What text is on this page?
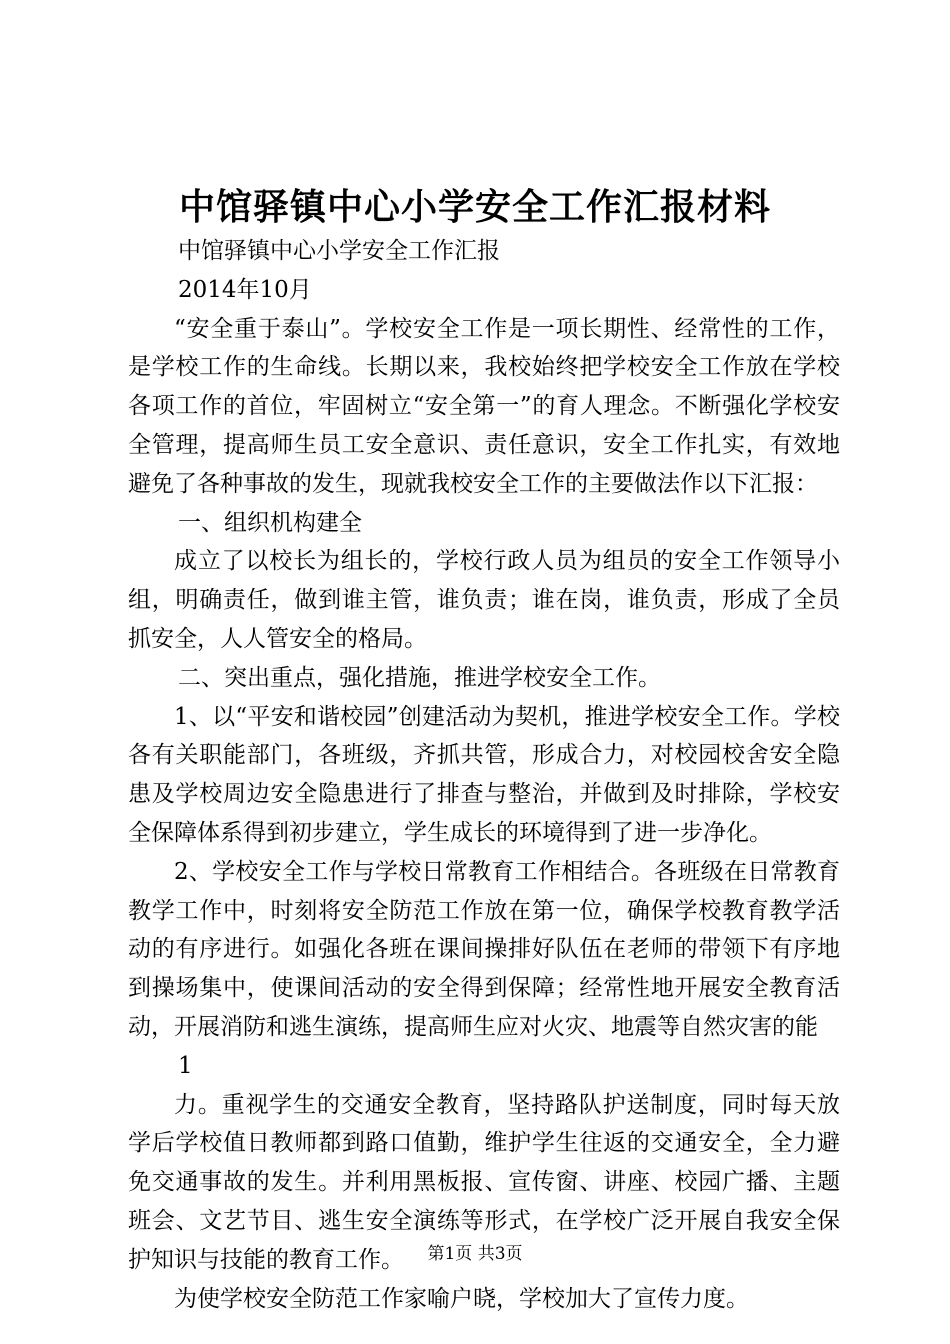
中馆驿镇中心小学安全工作汇报材料

中馆驿镇中心小学安全工作汇报

2014年10月

“安全重于泰山”。学校安全工作是一项长期性、经常性的工作，是学校工作的生命线。长期以来，我校始终把学校安全工作放在学校各项工作的首位，牢固树立“安全第一”的育人理念。不断强化学校安全管理，提高师生员工安全意识、责任意识，安全工作扎实，有效地避免了各种事故的发生，现就我校安全工作的主要做法作以下汇报：

一、组织机构建全

成立了以校长为组长的，学校行政人员为组员的安全工作领导小组，明确责任，做到谁主管，谁负责；谁在岗，谁负责，形成了全员抓安全，人人管安全的格局。

二、突出重点，强化措施，推进学校安全工作。

1、以“平安和谐校园”创建活动为契机，推进学校安全工作。学校各有关职能部门，各班级，齐抓共管，形成合力，对校园校舍安全隐患及学校周边安全隐患进行了排查与整治，并做到及时排除，学校安全保障体系得到初步建立，学生成长的环境得到了进一步净化。

2、学校安全工作与学校日常教育工作相结合。各班级在日常教育教学工作中，时刻将安全防范工作放在第一位，确保学校教育教学活动的有序进行。如强化各班在课间操排好队伍在老师的带领下有序地到操场集中，使课间活动的安全得到保障；经常性地开展安全教育活动，开展消防和逃生演练，提高师生应对火灾、地震等自然灾害的能

1

力。重视学生的交通安全教育，坚持路队护送制度，同时每天放学后学校值日教师都到路口值勤，维护学生往返的交通安全，全力避免交通事故的发生。并利用黑板报、宣传窗、讲座、校园广播、主题班会、文艺节目、逃生安全演练等形式，在学校广泛开展自我安全保护知识与技能的教育工作。

为使学校安全防范工作家喻户晓，学校加大了宣传力度。

第1页 共3页
